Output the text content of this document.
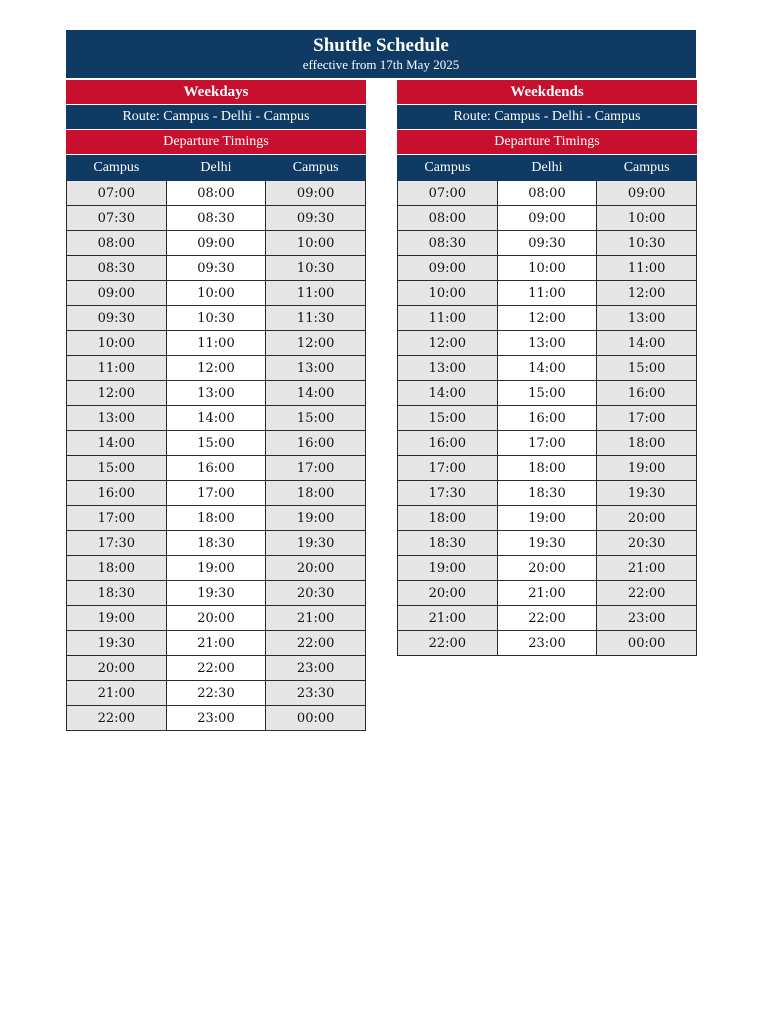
Shuttle Schedule
effective from 17th May 2025
Weekdays
Route: Campus - Delhi - Campus
Departure Timings
Campus	Delhi	Campus
07:00	08:00	09:00
07:30	08:30	09:30
08:00	09:00	10:00
08:30	09:30	10:30
09:00	10:00	11:00
09:30	10:30	11:30
10:00	11:00	12:00
11:00	12:00	13:00
12:00	13:00	14:00
13:00	14:00	15:00
14:00	15:00	16:00
15:00	16:00	17:00
16:00	17:00	18:00
17:00	18:00	19:00
17:30	18:30	19:30
18:00	19:00	20:00
18:30	19:30	20:30
19:00	20:00	21:00
19:30	21:00	22:00
20:00	22:00	23:00
21:00	22:30	23:30
22:00	23:00	00:00
Weekdends
Route: Campus - Delhi - Campus
Departure Timings
Campus	Delhi	Campus
07:00	08:00	09:00
08:00	09:00	10:00
08:30	09:30	10:30
09:00	10:00	11:00
10:00	11:00	12:00
11:00	12:00	13:00
12:00	13:00	14:00
13:00	14:00	15:00
14:00	15:00	16:00
15:00	16:00	17:00
16:00	17:00	18:00
17:00	18:00	19:00
17:30	18:30	19:30
18:00	19:00	20:00
18:30	19:30	20:30
19:00	20:00	21:00
20:00	21:00	22:00
21:00	22:00	23:00
22:00	23:00	00:00
